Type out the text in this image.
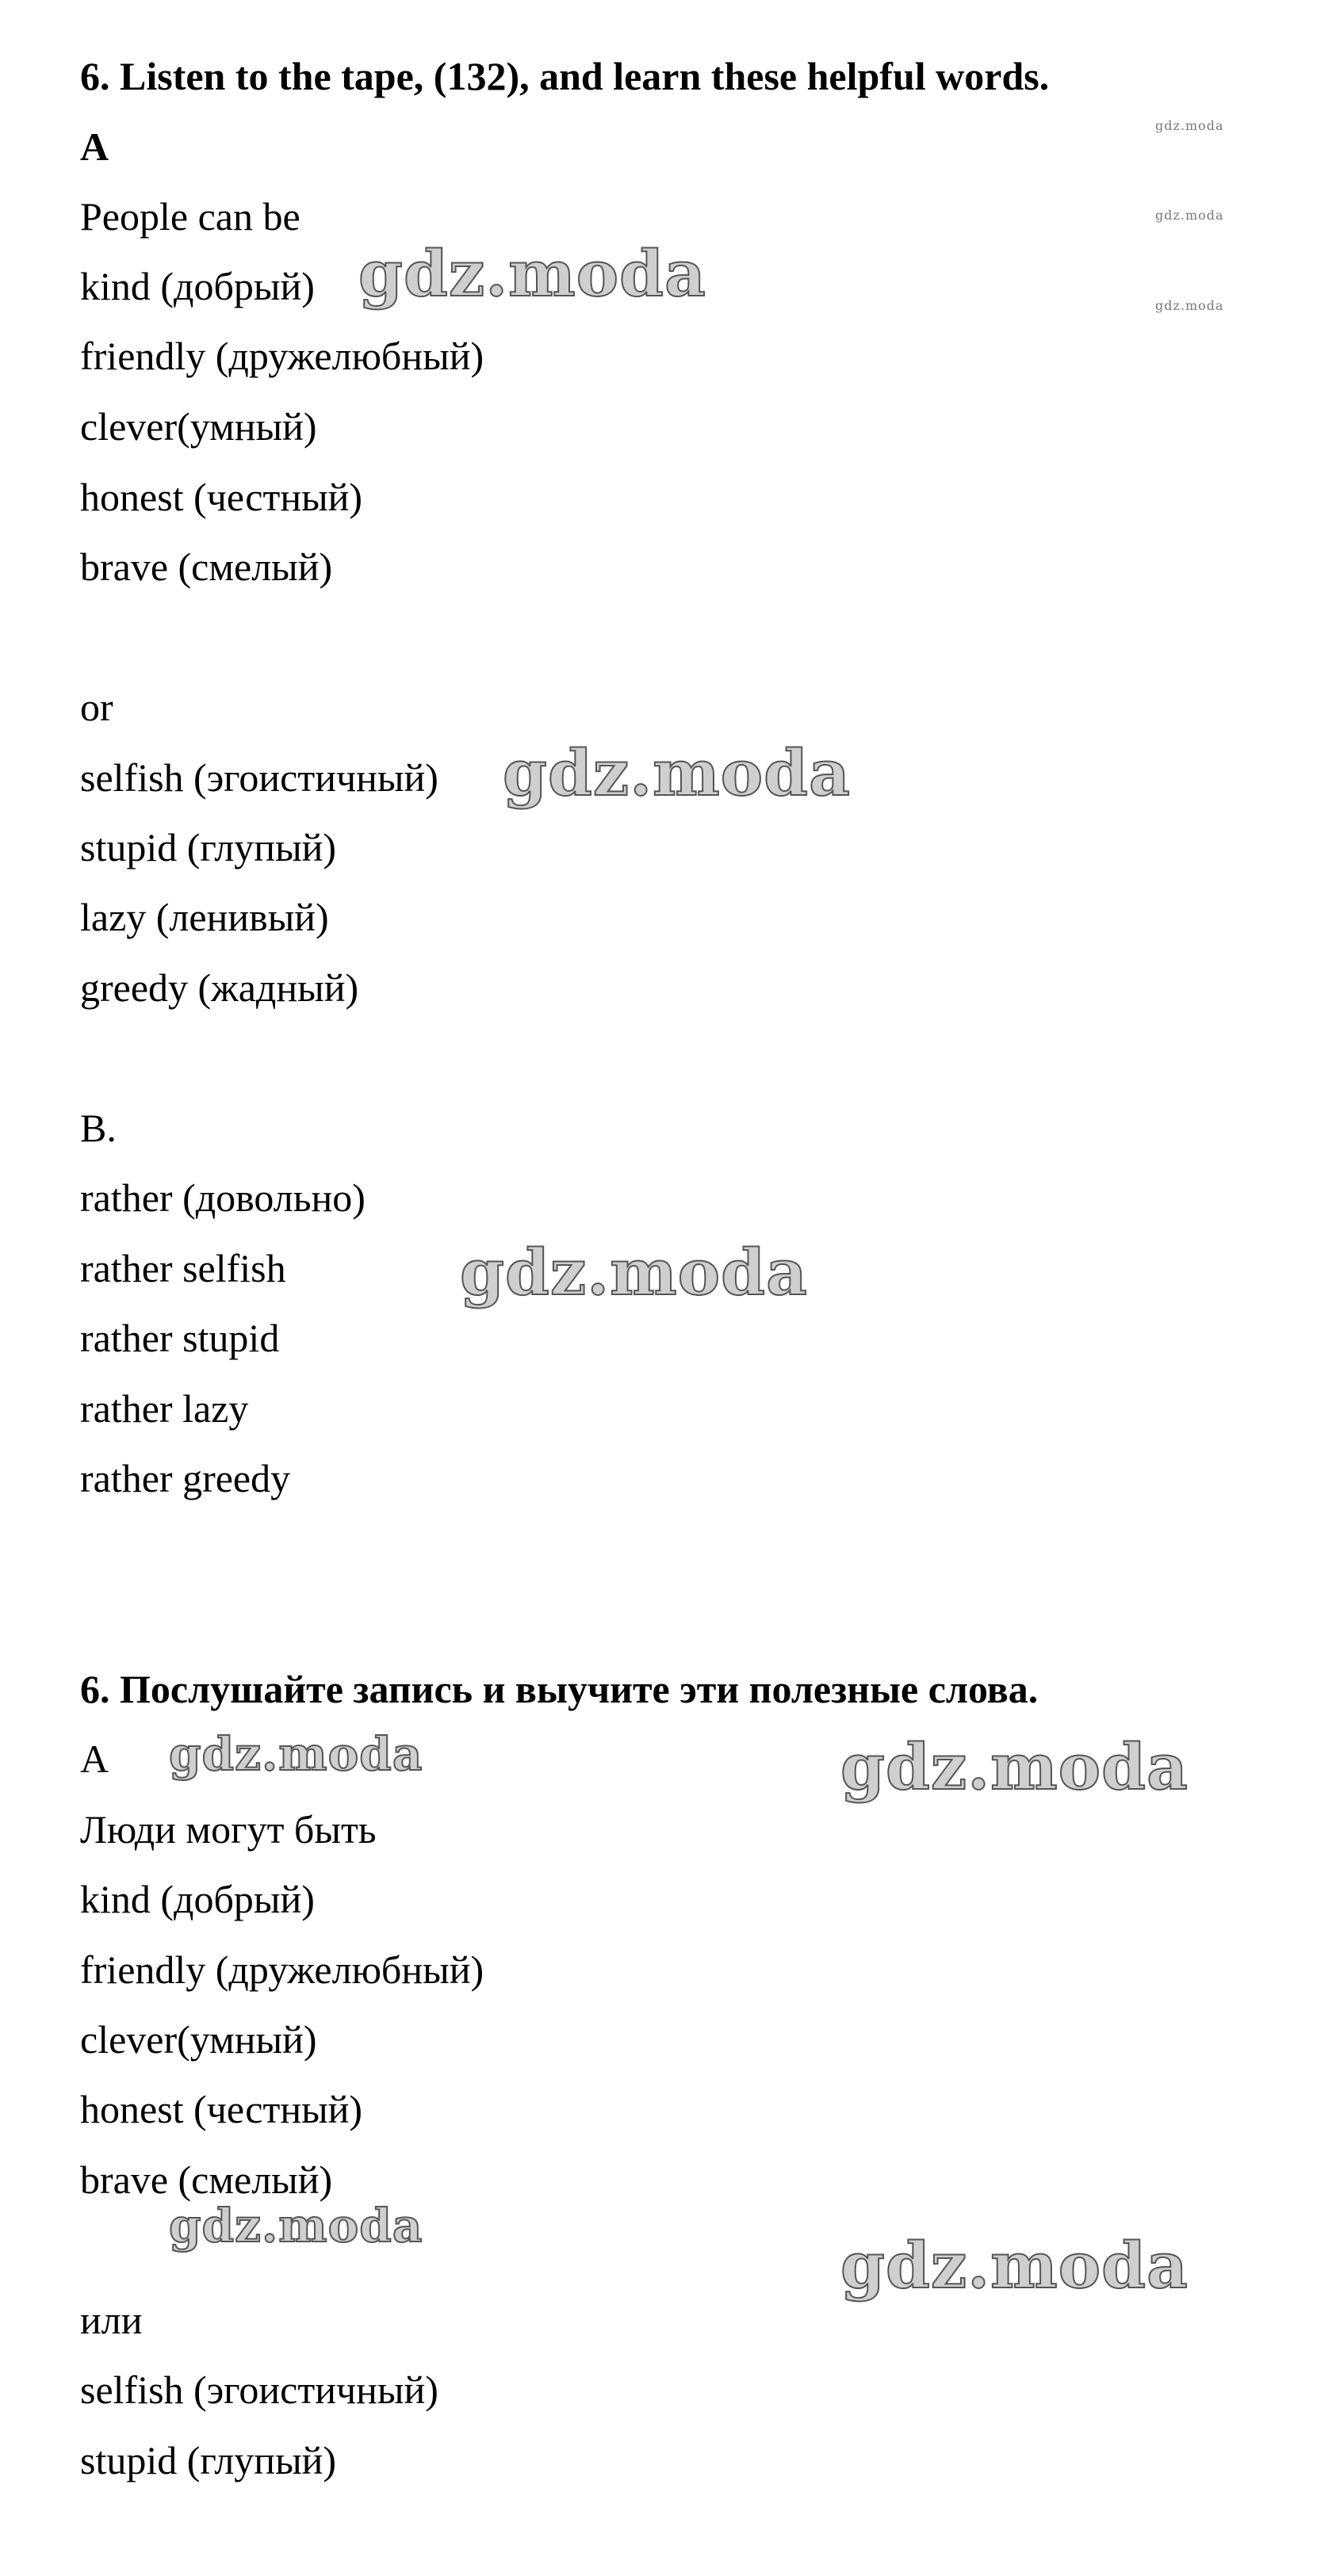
6. Listen to the tape, (132), and learn these helpful words.
A
People can be
kind (добрый)
friendly (дружелюбный)
clever(умный)
honest (честный)
brave (смелый)
or
selfish (эгоистичный)
stupid (глупый)
lazy (ленивый)
greedy (жадный)
B.
rather (довольно)
rather selfish
rather stupid
rather lazy
rather greedy
6. Послушайте запись и выучите эти полезные слова.
А
Люди могут быть
kind (добрый)
friendly (дружелюбный)
clever(умный)
honest (честный)
brave (смелый)
или
selfish (эгоистичный)
stupid (глупый)
gdz.moda
gdz.moda
gdz.moda
gdz.moda
gdz.moda
gdz.moda
gdz.moda	gdz.moda
gdz.moda
gdz.moda
